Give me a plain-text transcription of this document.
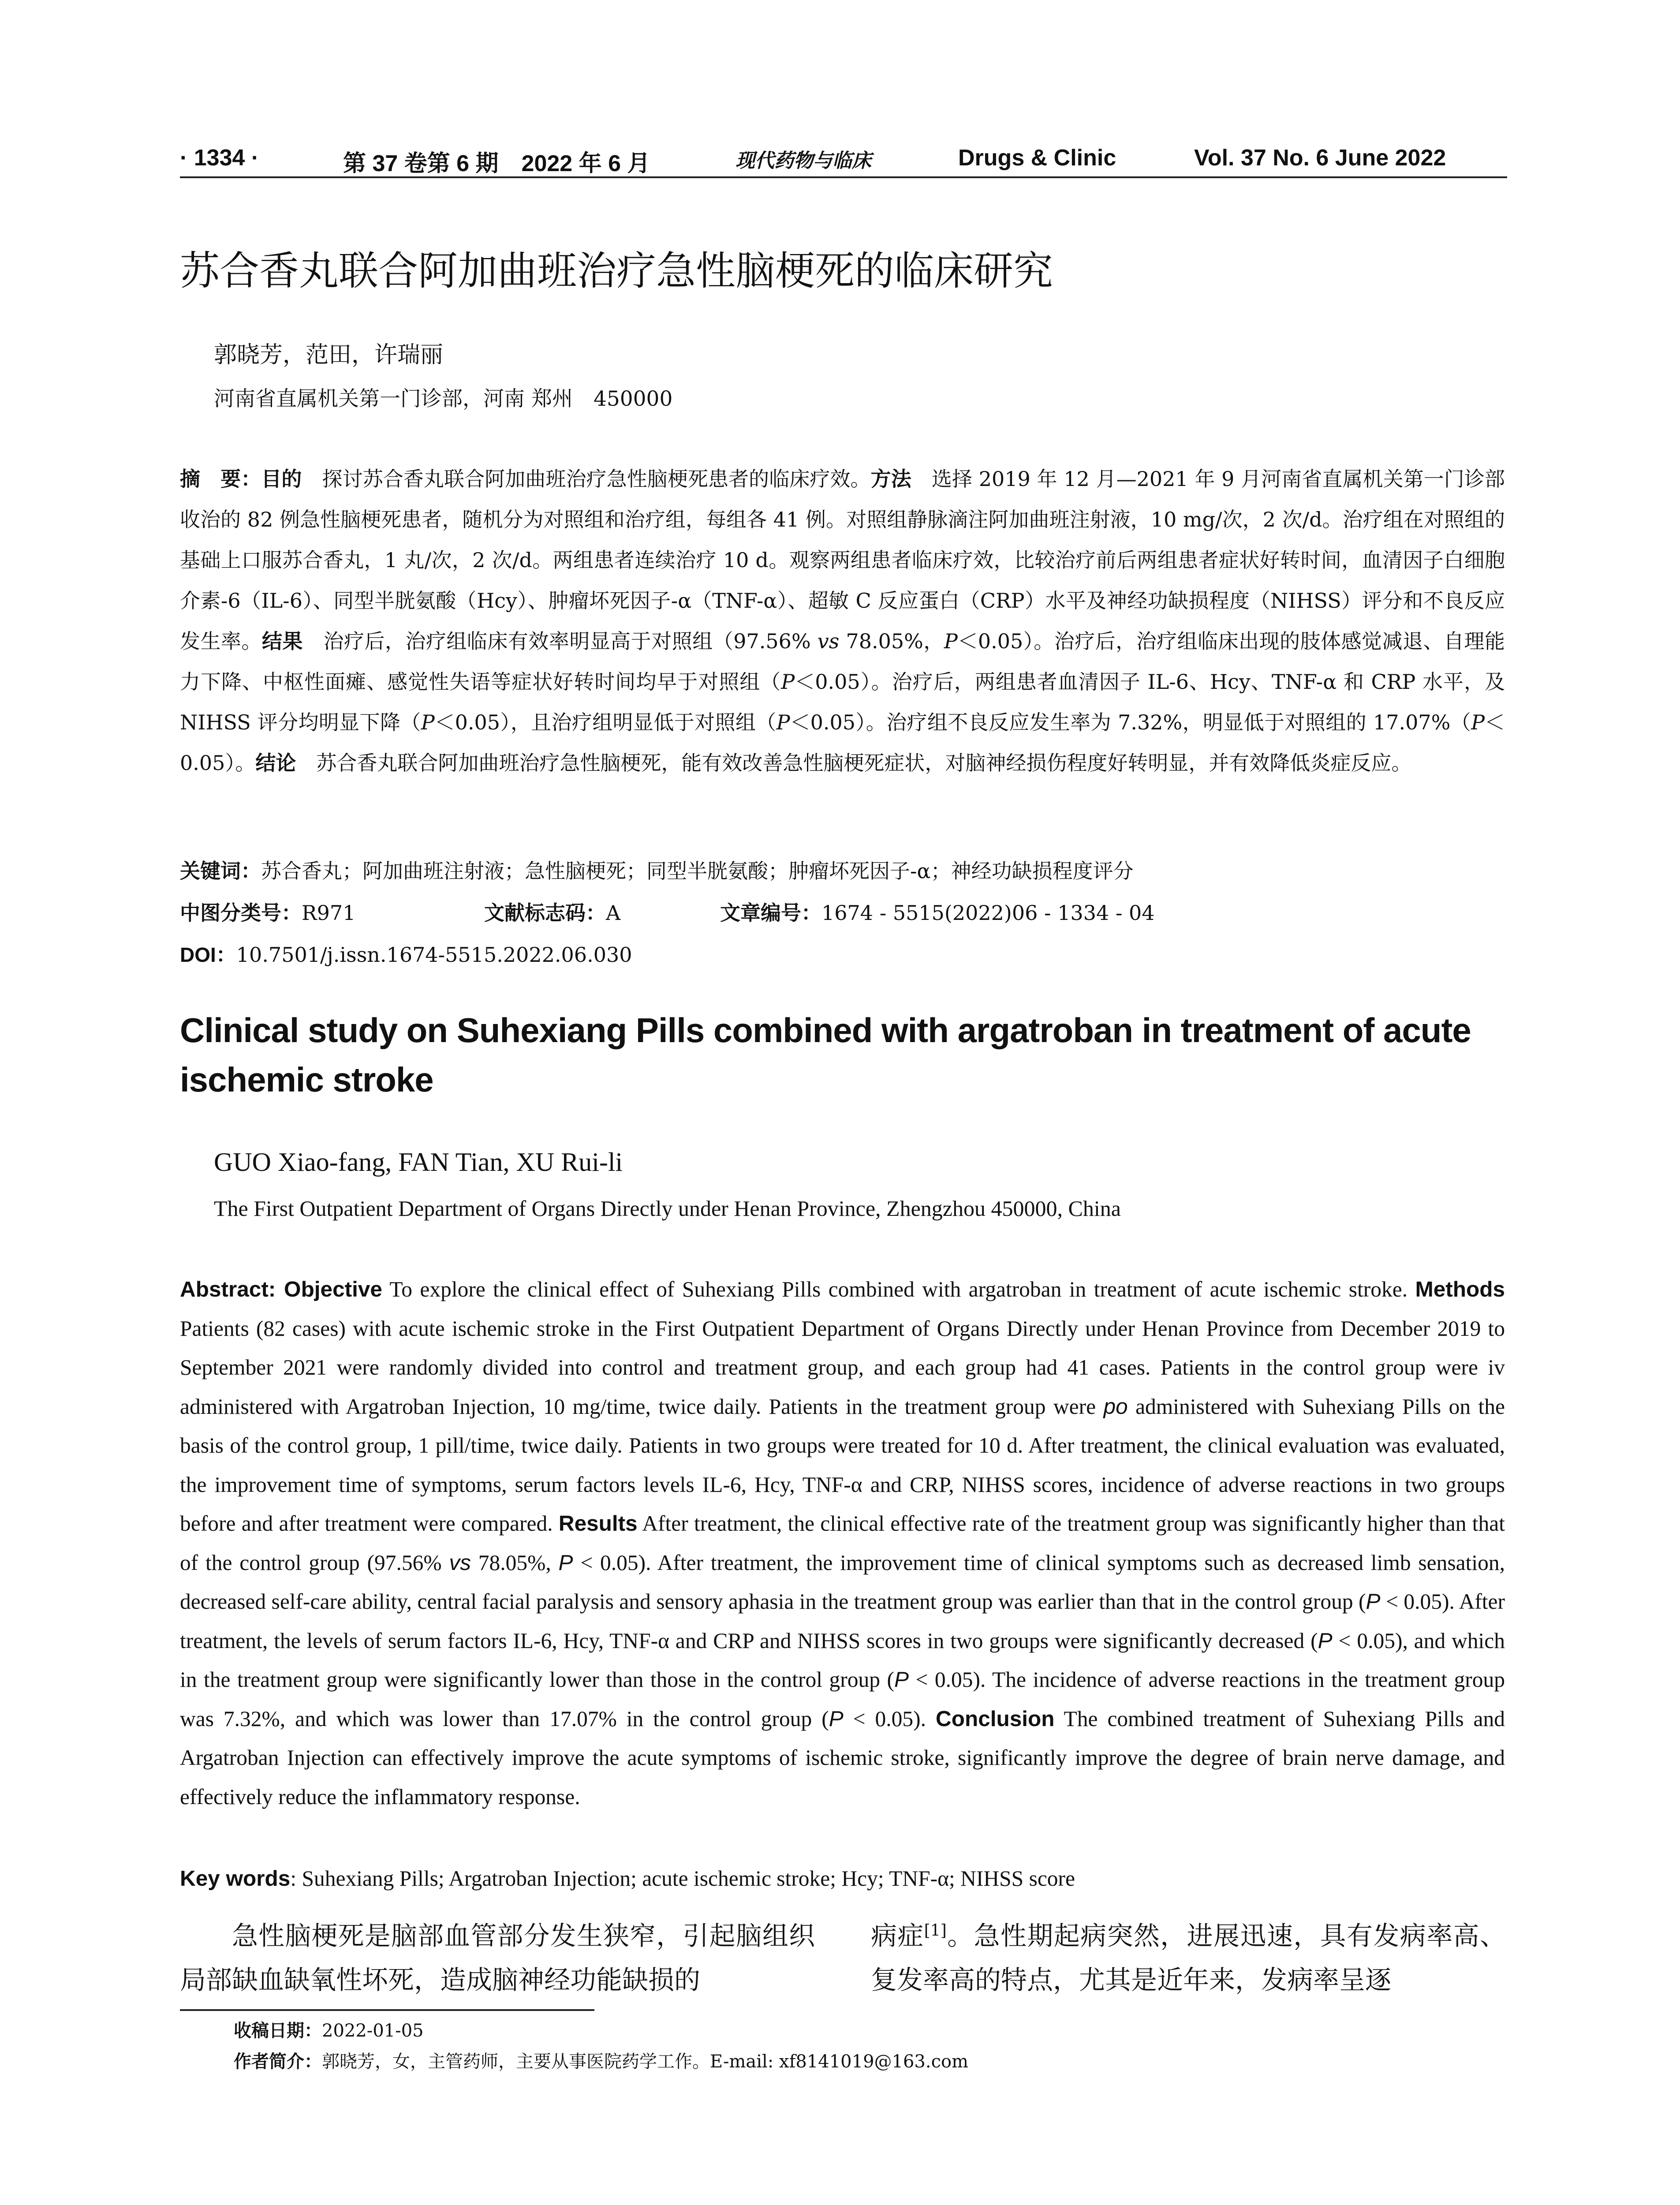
· 1334 ·	第 37 卷第 6 期　2022 年 6 月	现代药物与临床	Drugs & Clinic	Vol. 37 No. 6 June 2022
苏合香丸联合阿加曲班治疗急性脑梗死的临床研究
郭晓芳，范田，许瑞丽
河南省直属机关第一门诊部，河南 郑州　450000
摘　要：目的　探讨苏合香丸联合阿加曲班治疗急性脑梗死患者的临床疗效。方法　选择 2019 年 12 月—2021 年 9 月河南省直属机关第一门诊部收治的 82 例急性脑梗死患者，随机分为对照组和治疗组，每组各 41 例。对照组静脉滴注阿加曲班注射液，10 mg/次，2 次/d。治疗组在对照组的基础上口服苏合香丸，1 丸/次，2 次/d。两组患者连续治疗 10 d。观察两组患者临床疗效，比较治疗前后两组患者症状好转时间，血清因子白细胞介素-6（IL-6）、同型半胱氨酸（Hcy）、肿瘤坏死因子-α（TNF-α）、超敏 C 反应蛋白（CRP）水平及神经功缺损程度（NIHSS）评分和不良反应发生率。结果　治疗后，治疗组临床有效率明显高于对照组（97.56% vs 78.05%，P＜0.05）。治疗后，治疗组临床出现的肢体感觉减退、自理能力下降、中枢性面瘫、感觉性失语等症状好转时间均早于对照组（P＜0.05）。治疗后，两组患者血清因子 IL-6、Hcy、TNF-α 和 CRP 水平，及 NIHSS 评分均明显下降（P＜0.05），且治疗组明显低于对照组（P＜0.05）。治疗组不良反应发生率为 7.32%，明显低于对照组的 17.07%（P＜0.05）。结论　苏合香丸联合阿加曲班治疗急性脑梗死，能有效改善急性脑梗死症状，对脑神经损伤程度好转明显，并有效降低炎症反应。
关键词：苏合香丸；阿加曲班注射液；急性脑梗死；同型半胱氨酸；肿瘤坏死因子-α；神经功缺损程度评分
中图分类号：R971	文献标志码：A	文章编号：1674 - 5515(2022)06 - 1334 - 04
DOI：10.7501/j.issn.1674-5515.2022.06.030
Clinical study on Suhexiang Pills combined with argatroban in treatment of acute ischemic stroke
GUO Xiao-fang, FAN Tian, XU Rui-li
The First Outpatient Department of Organs Directly under Henan Province, Zhengzhou 450000, China
Abstract: Objective To explore the clinical effect of Suhexiang Pills combined with argatroban in treatment of acute ischemic stroke. Methods Patients (82 cases) with acute ischemic stroke in the First Outpatient Department of Organs Directly under Henan Province from December 2019 to September 2021 were randomly divided into control and treatment group, and each group had 41 cases. Patients in the control group were iv administered with Argatroban Injection, 10 mg/time, twice daily. Patients in the treatment group were po administered with Suhexiang Pills on the basis of the control group, 1 pill/time, twice daily. Patients in two groups were treated for 10 d. After treatment, the clinical evaluation was evaluated, the improvement time of symptoms, serum factors levels IL-6, Hcy, TNF-α and CRP, NIHSS scores, incidence of adverse reactions in two groups before and after treatment were compared. Results After treatment, the clinical effective rate of the treatment group was significantly higher than that of the control group (97.56% vs 78.05%, P < 0.05). After treatment, the improvement time of clinical symptoms such as decreased limb sensation, decreased self-care ability, central facial paralysis and sensory aphasia in the treatment group was earlier than that in the control group (P < 0.05). After treatment, the levels of serum factors IL-6, Hcy, TNF-α and CRP and NIHSS scores in two groups were significantly decreased (P < 0.05), and which in the treatment group were significantly lower than those in the control group (P < 0.05). The incidence of adverse reactions in the treatment group was 7.32%, and which was lower than 17.07% in the control group (P < 0.05). Conclusion The combined treatment of Suhexiang Pills and Argatroban Injection can effectively improve the acute symptoms of ischemic stroke, significantly improve the degree of brain nerve damage, and effectively reduce the inflammatory response.
Key words: Suhexiang Pills; Argatroban Injection; acute ischemic stroke; Hcy; TNF-α; NIHSS score
急性脑梗死是脑部血管部分发生狭窄，引起脑组织局部缺血缺氧性坏死，造成脑神经功能缺损的
病症[1]。急性期起病突然，进展迅速，具有发病率高、复发率高的特点，尤其是近年来，发病率呈逐
收稿日期：2022-01-05
作者简介：郭晓芳，女，主管药师，主要从事医院药学工作。E-mail: xf8141019@163.com
